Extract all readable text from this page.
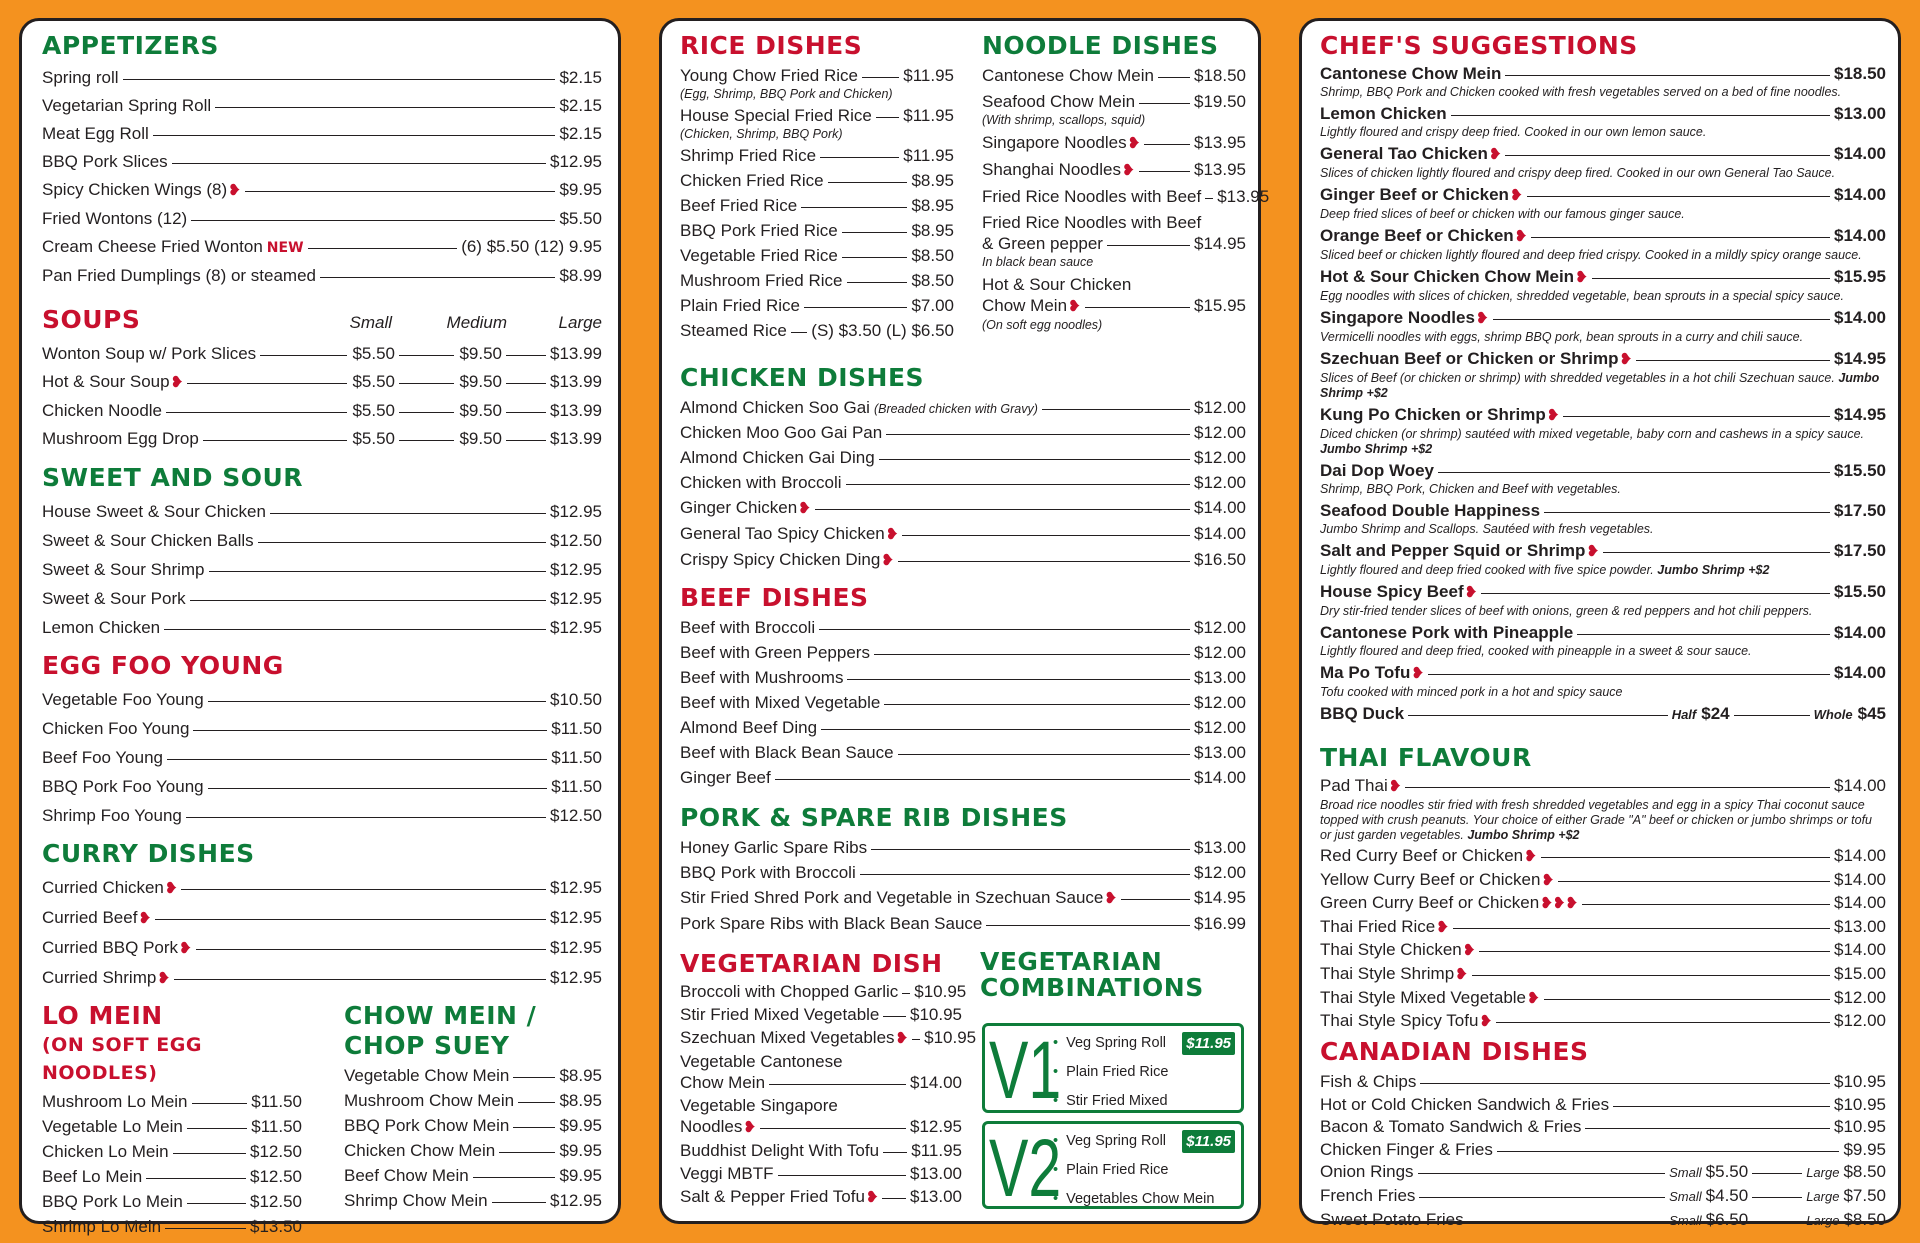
APPETIZERS
Spring roll	$2.15
Vegetarian Spring Roll	$2.15
Meat Egg Roll	$2.15
BBQ Pork Slices	$12.95
Spicy Chicken Wings (8) ❥	$9.95
Fried Wontons (12)	$5.50
Cream Cheese Fried Wonton NEW	(6) $5.50 (12) 9.95
Pan Fried Dumplings (8) or steamed	$8.99
SOUPS	Small	Medium	Large
Wonton Soup w/ Pork Slices	$5.50	$9.50	$13.99
Hot & Sour Soup ❥	$5.50	$9.50	$13.99
Chicken Noodle	$5.50	$9.50	$13.99
Mushroom Egg Drop	$5.50	$9.50	$13.99
SWEET AND SOUR
House Sweet & Sour Chicken	$12.95
Sweet & Sour Chicken Balls	$12.50
Sweet & Sour Shrimp	$12.95
Sweet & Sour Pork	$12.95
Lemon Chicken	$12.95
EGG FOO YOUNG
Vegetable Foo Young	$10.50
Chicken Foo Young	$11.50
Beef Foo Young	$11.50
BBQ Pork Foo Young	$11.50
Shrimp Foo Young	$12.50
CURRY DISHES
Curried Chicken ❥	$12.95
Curried Beef ❥	$12.95
Curried BBQ Pork ❥	$12.95
Curried Shrimp ❥	$12.95
LO MEIN
(ON SOFT EGG NOODLES)
Mushroom Lo Mein	$11.50
Vegetable Lo Mein	$11.50
Chicken Lo Mein	$12.50
Beef Lo Mein	$12.50
BBQ Pork Lo Mein	$12.50
Shrimp Lo Mein	$13.50
CHOW MEIN /
CHOP SUEY
Vegetable Chow Mein	$8.95
Mushroom Chow Mein	$8.95
BBQ Pork Chow Mein	$9.95
Chicken Chow Mein	$9.95
Beef Chow Mein	$9.95
Shrimp Chow Mein	$12.95
RICE DISHES
Young Chow Fried Rice	$11.95
(Egg, Shrimp, BBQ Pork and Chicken)
House Special Fried Rice $11.95
(Chicken, Shrimp, BBQ Pork)
Shrimp Fried Rice	$11.95
Chicken Fried Rice	$8.95
Beef Fried Rice	$8.95
BBQ Pork Fried Rice	$8.95
Vegetable Fried Rice	$8.50
Mushroom Fried Rice	$8.50
Plain Fried Rice	$7.00
Steamed Rice (S) $3.50 (L) $6.50
NOODLE DISHES
Cantonese Chow Mein $18.50
Seafood Chow Mein	$19.50
(With shrimp, scallops, squid)
Singapore Noodles ❥	$13.95
Shanghai Noodles ❥	$13.95
Fried Rice Noodles with Beef $13.95
Fried Rice Noodles with Beef
& Green pepper	$14.95
In black bean sauce
Hot & Sour Chicken
Chow Mein ❥	$15.95
(On soft egg noodles)
CHICKEN DISHES
Almond Chicken Soo Gai (Breaded chicken with Gravy)	$12.00
Chicken Moo Goo Gai Pan	$12.00
Almond Chicken Gai Ding	$12.00
Chicken with Broccoli	$12.00
Ginger Chicken ❥	$14.00
General Tao Spicy Chicken ❥	$14.00
Crispy Spicy Chicken Ding ❥	$16.50
BEEF DISHES
Beef with Broccoli	$12.00
Beef with Green Peppers	$12.00
Beef with Mushrooms	$13.00
Beef with Mixed Vegetable	$12.00
Almond Beef Ding	$12.00
Beef with Black Bean Sauce	$13.00
Ginger Beef	$14.00
PORK & SPARE RIB DISHES
Honey Garlic Spare Ribs	$13.00
BBQ Pork with Broccoli	$12.00
Stir Fried Shred Pork and Vegetable in Szechuan Sauce ❥	$14.95
Pork Spare Ribs with Black Bean Sauce	$16.99
VEGETARIAN DISH
Broccoli with Chopped Garlic $10.95
Stir Fried Mixed Vegetable $10.95
Szechuan Mixed Vegetables ❥ $10.95
Vegetable Cantonese
Chow Mein	$14.00
Vegetable Singapore
Noodles ❥	$12.95
Buddhist Delight With Tofu $11.95
Veggi MBTF	$13.00
Salt & Pepper Fried Tofu ❥ $13.00
VEGETARIAN
COMBINATIONS
V1	$11.95
• Veg Spring Roll
• Plain Fried Rice
• Stir Fried Mixed
V2	$11.95
• Veg Spring Roll
• Plain Fried Rice
• Vegetables Chow Mein
CHEF'S SUGGESTIONS
Cantonese Chow Mein	$18.50
Shrimp, BBQ Pork and Chicken cooked with fresh vegetables served on a bed of fine noodles.
Lemon Chicken	$13.00
Lightly floured and crispy deep fried. Cooked in our own lemon sauce.
General Tao Chicken ❥	$14.00
Slices of chicken lightly floured and crispy deep fired. Cooked in our own General Tao Sauce.
Ginger Beef or Chicken ❥	$14.00
Deep fried slices of beef or chicken with our famous ginger sauce.
Orange Beef or Chicken ❥	$14.00
Sliced beef or chicken lightly floured and deep fried crispy. Cooked in a mildly spicy orange sauce.
Hot & Sour Chicken Chow Mein ❥	$15.95
Egg noodles with slices of chicken, shredded vegetable, bean sprouts in a special spicy sauce.
Singapore Noodles ❥	$14.00
Vermicelli noodles with eggs, shrimp BBQ pork, bean sprouts in a curry and chili sauce.
Szechuan Beef or Chicken or Shrimp ❥	$14.95
Slices of Beef (or chicken or shrimp) with shredded vegetables in a hot chili Szechuan sauce. Jumbo Shrimp +$2
Kung Po Chicken or Shrimp ❥	$14.95
Diced chicken (or shrimp) sautéed with mixed vegetable, baby corn and cashews in a spicy sauce. Jumbo Shrimp +$2
Dai Dop Woey	$15.50
Shrimp, BBQ Pork, Chicken and Beef with vegetables.
Seafood Double Happiness	$17.50
Jumbo Shrimp and Scallops. Sautéed with fresh vegetables.
Salt and Pepper Squid or Shrimp ❥	$17.50
Lightly floured and deep fried cooked with five spice powder. Jumbo Shrimp +$2
House Spicy Beef ❥	$15.50
Dry stir-fried tender slices of beef with onions, green & red peppers and hot chili peppers.
Cantonese Pork with Pineapple	$14.00
Lightly floured and deep fried, cooked with pineapple in a sweet & sour sauce.
Ma Po Tofu ❥	$14.00
Tofu cooked with minced pork in a hot and spicy sauce
BBQ Duck	Half $24	Whole $45
THAI FLAVOUR
Pad Thai ❥	$14.00
Broad rice noodles stir fried with fresh shredded vegetables and egg in a spicy Thai coconut sauce topped with crush peanuts. Your choice of either Grade "A" beef or chicken or jumbo shrimps or tofu or just garden vegetables. Jumbo Shrimp +$2
Red Curry Beef or Chicken ❥	$14.00
Yellow Curry Beef or Chicken ❥	$14.00
Green Curry Beef or Chicken ❥❥❥	$14.00
Thai Fried Rice ❥	$13.00
Thai Style Chicken ❥	$14.00
Thai Style Shrimp ❥	$15.00
Thai Style Mixed Vegetable ❥	$12.00
Thai Style Spicy Tofu ❥	$12.00
CANADIAN DISHES
Fish & Chips	$10.95
Hot or Cold Chicken Sandwich & Fries	$10.95
Bacon & Tomato Sandwich & Fries	$10.95
Chicken Finger & Fries	$9.95
Onion Rings	Small $5.50	Large $8.50
French Fries	Small $4.50	Large $7.50
Sweet Potato Fries	Small $6.50	Large $8.50
